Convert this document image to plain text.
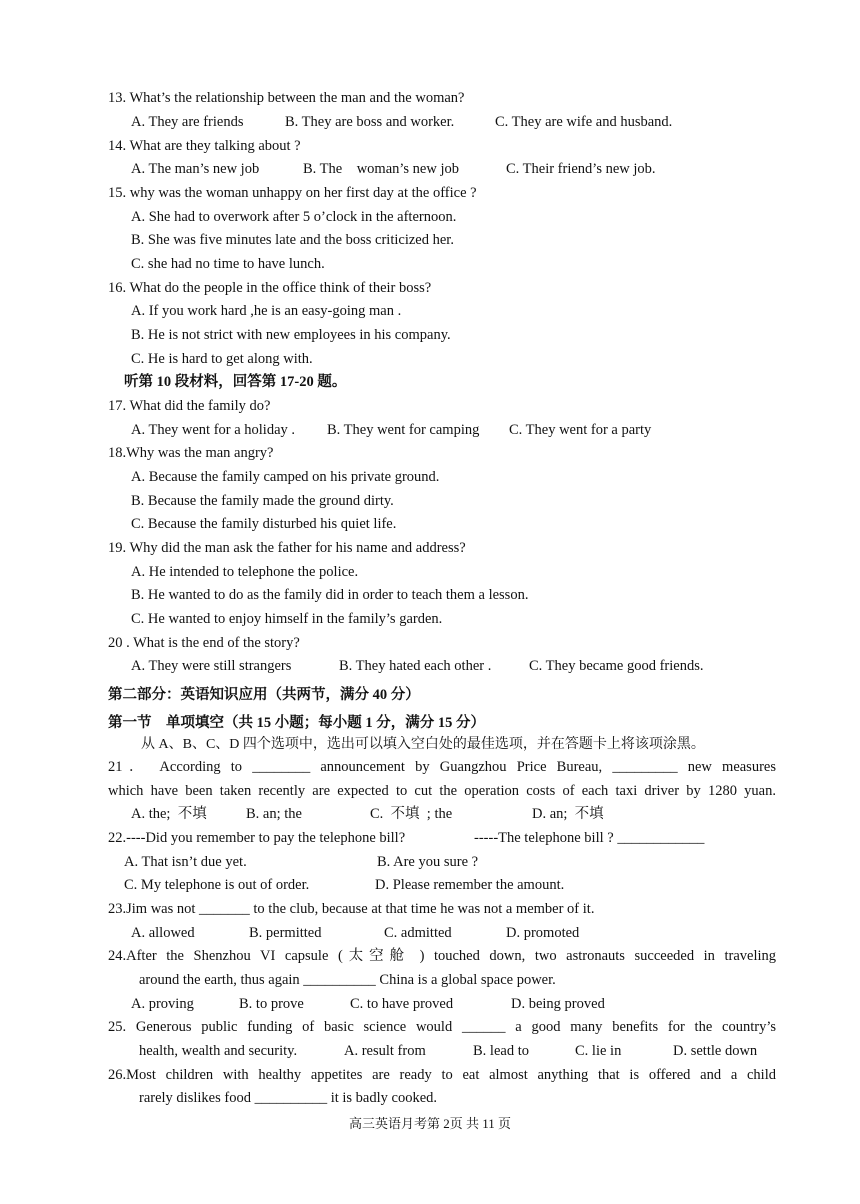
13. What’s the relationship between the man and the woman?
A. They are friends	B. They are boss and worker.	C. They are wife and husband.
14. What are they talking about ?
A. The man’s new job	B. The    woman’s new job	C. Their friend’s new job.
15. why was the woman unhappy on her first day at the office ?
A. She had to overwork after 5 o’clock in the afternoon.
B. She was five minutes late and the boss criticized her.
C. she had no time to have lunch.
16. What do the people in the office think of their boss?
A. If you work hard ,he is an easy-going man .
B. He is not strict with new employees in his company.
C. He is hard to get along with.
听第 10 段材料，回答第 17-20 题。
17. What did the family do?
A. They went for a holiday . B. They went for camping C. They went for a party
18.Why was the man angry?
A. Because the family camped on his private ground.
B. Because the family made the ground dirty.
C. Because the family disturbed his quiet life.
19. Why did the man ask the father for his name and address?
A. He intended to telephone the police.
B. He wanted to do as the family did in order to teach them a lesson.
C. He wanted to enjoy himself in the family’s garden.
20 . What is the end of the story?
A. They were still strangers	B. They hated each other .	C. They became good friends.
第二部分：英语知识应用（共两节，满分 40 分）
第一节    单项填空（共 15 小题；每小题 1 分，满分 15 分）
从 A、B、C、D 四个选项中，选出可以填入空白处的最佳选项，并在答题卡上将该项涂黑。
21． According to ________ announcement by Guangzhou Price Bureau, _________ new measures
which have been taken recently are expected to cut the operation costs of each taxi driver by 1280 yuan.
A. the;  不填	B. an; the	C.  不填  ; the	D. an;  不填
22.----Did you remember to pay the telephone bill?	-----The telephone bill ? ____________
A. That isn’t due yet.	B. Are you sure ?
C. My telephone is out of order.	D. Please remember the amount.
23.Jim was not _______ to the club, because at that time he was not a member of it.
A. allowed	B. permitted	C. admitted	D. promoted
24.After the Shenzhou VI capsule (太空舱 ) touched down, two astronauts succeeded in traveling
around the earth, thus again __________ China is a global space power.
A. proving	B. to prove	C. to have proved	D. being proved
25. Generous public funding of basic science would ______ a good many benefits for the country’s
health, wealth and security.	A. result from	B. lead to	C. lie in	D. settle down
26.Most children with healthy appetites are ready to eat almost anything that is offered and a child
rarely dislikes food __________ it is badly cooked.
高三英语月考第 2页 共 11 页
